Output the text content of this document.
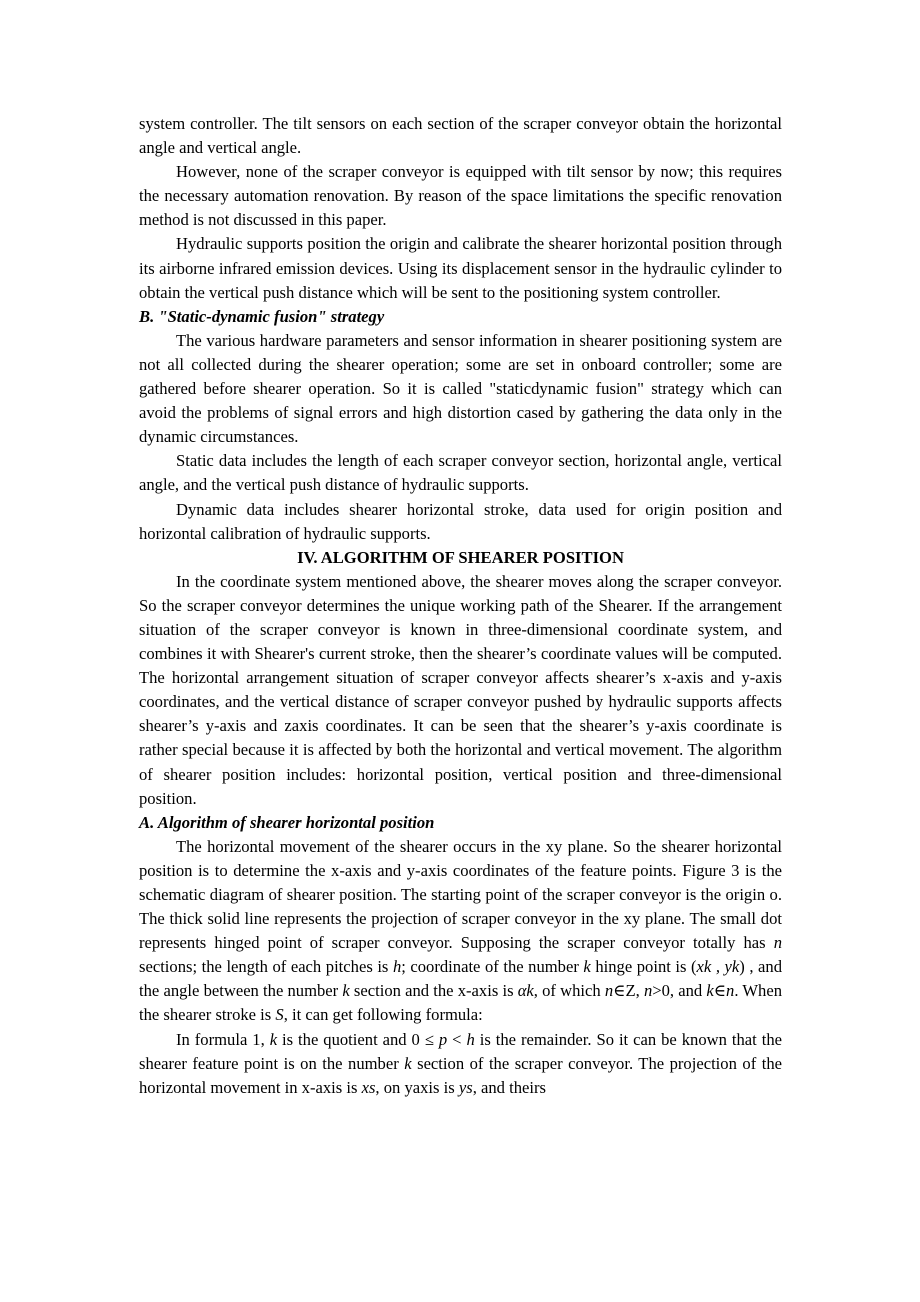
system controller. The tilt sensors on each section of the scraper conveyor obtain the horizontal angle and vertical angle.

However, none of the scraper conveyor is equipped with tilt sensor by now; this requires the necessary automation renovation. By reason of the space limitations the specific renovation method is not discussed in this paper.

Hydraulic supports position the origin and calibrate the shearer horizontal position through its airborne infrared emission devices. Using its displacement sensor in the hydraulic cylinder to obtain the vertical push distance which will be sent to the positioning system controller.

B. "Static-dynamic fusion" strategy

The various hardware parameters and sensor information in shearer positioning system are not all collected during the shearer operation; some are set in onboard controller; some are gathered before shearer operation. So it is called "staticdynamic fusion" strategy which can avoid the problems of signal errors and high distortion cased by gathering the data only in the dynamic circumstances.

Static data includes the length of each scraper conveyor section, horizontal angle, vertical angle, and the vertical push distance of hydraulic supports.

Dynamic data includes shearer horizontal stroke, data used for origin position and horizontal calibration of hydraulic supports.

IV. ALGORITHM OF SHEARER POSITION

In the coordinate system mentioned above, the shearer moves along the scraper conveyor. So the scraper conveyor determines the unique working path of the Shearer. If the arrangement situation of the scraper conveyor is known in three-dimensional coordinate system, and combines it with Shearer's current stroke, then the shearer’s coordinate values will be computed. The horizontal arrangement situation of scraper conveyor affects shearer’s x-axis and y-axis coordinates, and the vertical distance of scraper conveyor pushed by hydraulic supports affects shearer’s y-axis and zaxis coordinates. It can be seen that the shearer’s y-axis coordinate is rather special because it is affected by both the horizontal and vertical movement. The algorithm of shearer position includes: horizontal position, vertical position and three-dimensional position.

A. Algorithm of shearer horizontal position

The horizontal movement of the shearer occurs in the xy plane. So the shearer horizontal position is to determine the x-axis and y-axis coordinates of the feature points. Figure 3 is the schematic diagram of shearer position. The starting point of the scraper conveyor is the origin o. The thick solid line represents the projection of scraper conveyor in the xy plane. The small dot represents hinged point of scraper conveyor. Supposing the scraper conveyor totally has n sections; the length of each pitches is h; coordinate of the number k hinge point is (xk , yk) , and the angle between the number k section and the x-axis is αk, of which n∈Z, n>0, and k∈n. When the shearer stroke is S, it can get following formula:

In formula 1, k is the quotient and 0 ≤ p < h is the remainder. So it can be known that the shearer feature point is on the number k section of the scraper conveyor. The projection of the horizontal movement in x-axis is xs, on yaxis is ys, and theirs
